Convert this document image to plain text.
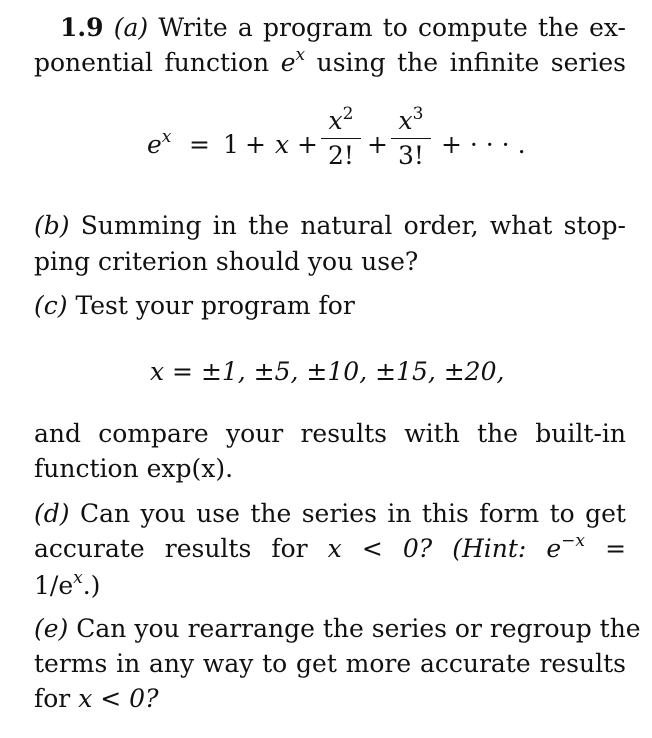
1.9 (a) Write a program to compute the ex-
ponential function $e^x$ using the infinite series
$e^x = 1 + x$ +
$x^2$
2! +
$x^3$
3! + · · · .
(b) Summing in the natural order, what stop-
ping criterion should you use?
(c) Test your program for
x = ±1, ±5, ±10, ±15, ±20,
and compare your results with the built-in
function exp(x).
(d) Can you use the series in this form to get
accurate results for x < 0? (Hint: $e^{-x}$ =
$1/e^x$.)
(e) Can you rearrange the series or regroup the
terms in any way to get more accurate results
for x < 0?
